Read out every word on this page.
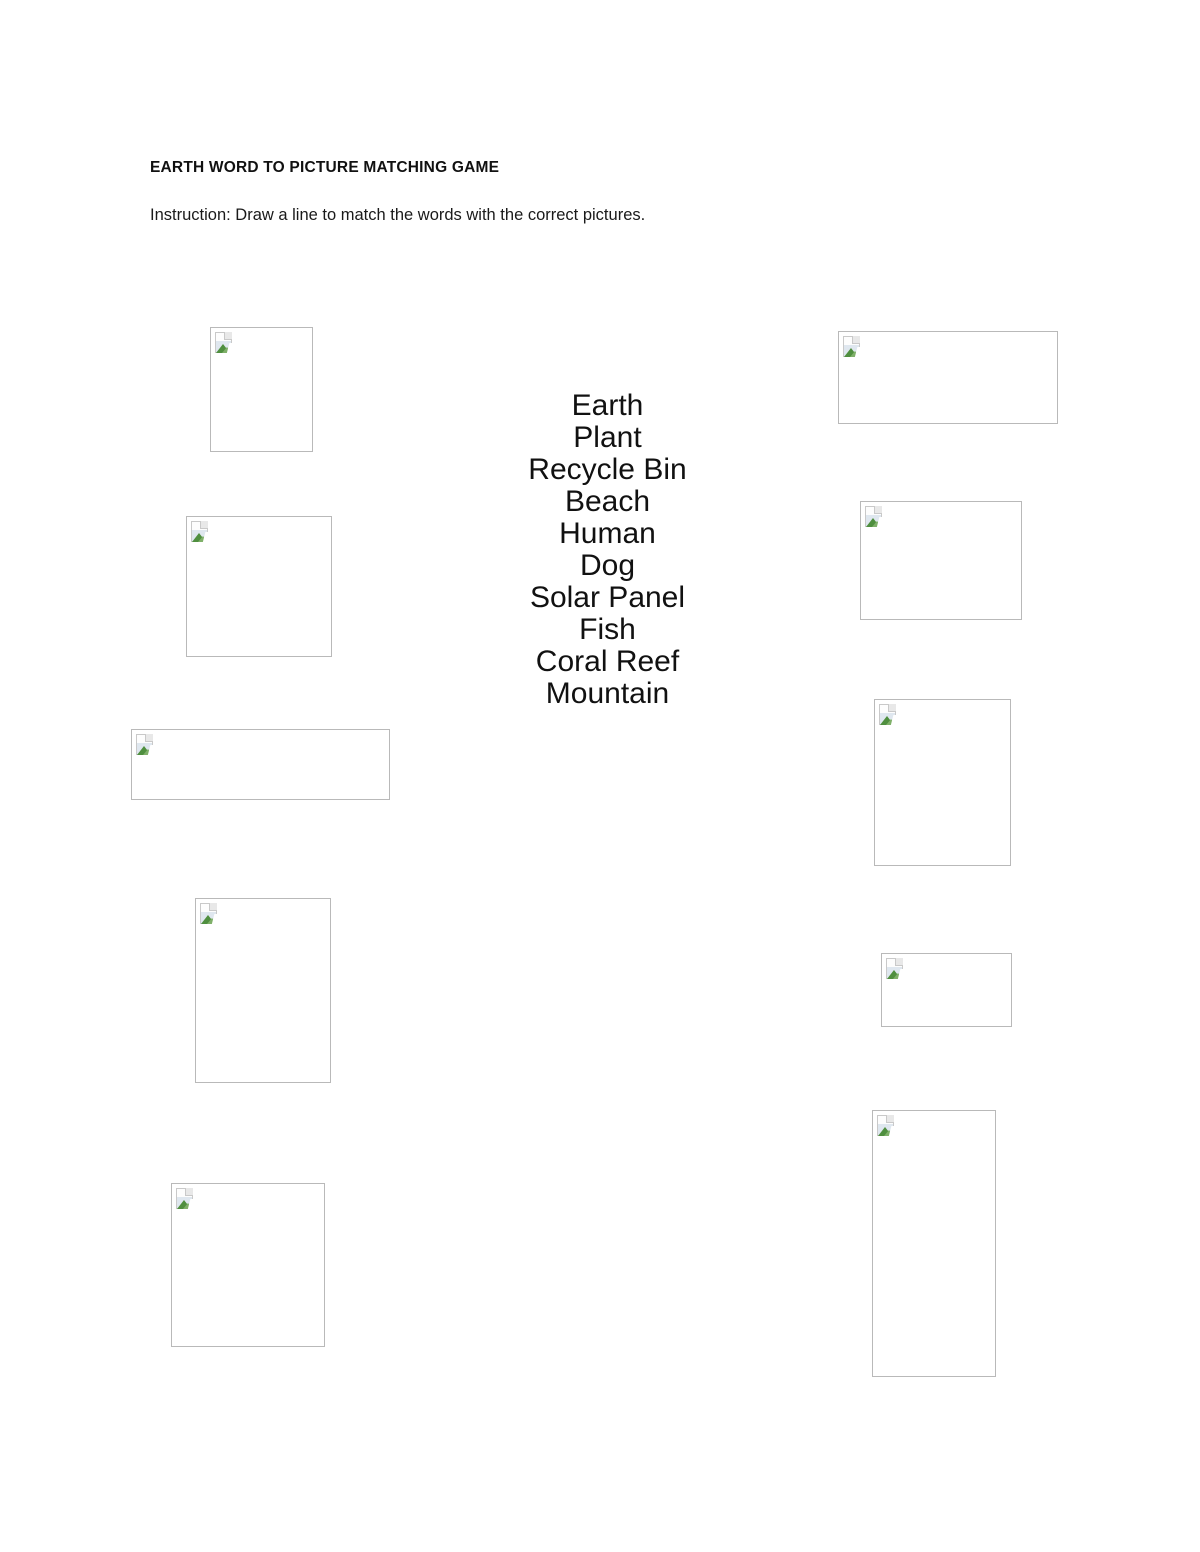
EARTH WORD TO PICTURE MATCHING GAME
Instruction: Draw a line to match the words with the correct pictures.
Earth
Plant
Recycle Bin
Beach
Human
Dog
Solar Panel
Fish
Coral Reef
Mountain
